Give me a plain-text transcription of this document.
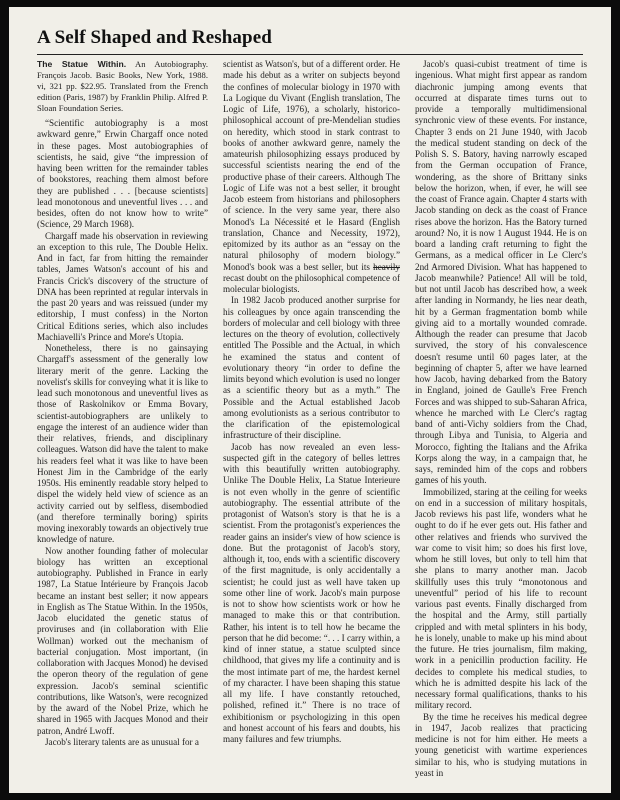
A Self Shaped and Reshaped

The Statue Within. An Autobiography. François Jacob. Basic Books, New York, 1988. vi, 321 pp. $22.95. Translated from the French edition (Paris, 1987) by Franklin Philip. Alfred P. Sloan Foundation Series.

“Scientific autobiography is a most awkward genre,” Erwin Chargaff once noted in these pages. Most autobiographies of scientists, he said, give “the impression of having been written for the remainder tables of bookstores, reaching them almost before they are published . . . [because scientists] lead monotonous and uneventful lives . . . and besides, often do not know how to write” (Science, 29 March 1968).

Chargaff made his observation in reviewing an exception to this rule, The Double Helix. And in fact, far from hitting the remainder tables, James Watson's account of his and Francis Crick's discovery of the structure of DNA has been reprinted at regular intervals in the past 20 years and was reissued (under my editorship, I must confess) in the Norton Critical Editions series, which also includes Machiavelli's Prince and More's Utopia.

Nonetheless, there is no gainsaying Chargaff's assessment of the generally low literary merit of the genre. Lacking the novelist's skills for conveying what it is like to lead such monotonous and uneventful lives as those of Raskolnikov or Emma Bovary, scientist-autobiographers are unlikely to engage the interest of an audience wider than their relatives, friends, and disciplinary colleagues. Watson did have the talent to make his readers feel what it was like to have been Honest Jim in the Cambridge of the early 1950s. His eminently readable story helped to dispel the widely held view of science as an activity carried out by selfless, disembodied (and therefore terminally boring) spirits moving inexorably towards an objectively true knowledge of nature.

Now another founding father of molecular biology has written an exceptional autobiography. Published in France in early 1987, La Statue Intérieure by François Jacob became an instant best seller; it now appears in English as The Statue Within. In the 1950s, Jacob elucidated the genetic status of proviruses and (in collaboration with Elie Wollman) worked out the mechanism of bacterial conjugation. Most important, (in collaboration with Jacques Monod) he devised the operon theory of the regulation of gene expression. Jacob's seminal scientific contributions, like Watson's, were recognized by the award of the Nobel Prize, which he shared in 1965 with Jacques Monod and their patron, André Lwoff.

Jacob's literary talents are as unusual for a

scientist as Watson's, but of a different order. He made his debut as a writer on subjects beyond the confines of molecular biology in 1970 with La Logique du Vivant (English translation, The Logic of Life, 1976), a scholarly, historico-philosophical account of pre-Mendelian studies on heredity, which stood in stark contrast to books of another awkward genre, namely the amateurish philosophizing essays produced by successful scientists nearing the end of the productive phase of their careers. Although The Logic of Life was not a best seller, it brought Jacob esteem from historians and philosophers of science. In the very same year, there also Monod's La Nécessité et le Hasard (English translation, Chance and Necessity, 1972), epitomized by its author as an “essay on the natural philosophy of modern biology.” Monod's book was a best seller, but its heavily recast doubt on the philosophical competence of molecular biologists.

In 1982 Jacob produced another surprise for his colleagues by once again transcending the borders of molecular and cell biology with three lectures on the theory of evolution, collectively entitled The Possible and the Actual, in which he examined the status and content of evolutionary theory “in order to define the limits beyond which evolution is used no longer as a scientific theory but as a myth.” The Possible and the Actual established Jacob among evolutionists as a serious contributor to the clarification of the epistemological infrastructure of their discipline.

Jacob has now revealed an even less-suspected gift in the category of belles lettres with this beautifully written autobiography. Unlike The Double Helix, La Statue Interieure is not even wholly in the genre of scientific autobiography. The essential attribute of the protagonist of Watson's story is that he is a scientist. From the protagonist's experiences the reader gains an insider's view of how science is done. But the protagonist of Jacob's story, although it, too, ends with a scientific discovery of the first magnitude, is only accidentally a scientist; he could just as well have taken up some other line of work. Jacob's main purpose is not to show how scientists work or how he managed to make this or that contribution. Rather, his intent is to tell how he became the person that he did become: “. . . I carry within, a kind of inner statue, a statue sculpted since childhood, that gives my life a continuity and is the most intimate part of me, the hardest kernel of my character. I have been shaping this statue all my life. I have constantly retouched, polished, refined it.” There is no trace of exhibitionism or psychologizing in this open and honest account of his fears and doubts, his many failures and few triumphs.

Jacob's quasi-cubist treatment of time is ingenious. What might first appear as random diachronic jumping among events that occurred at disparate times turns out to provide a temporally multidimensional synchronic view of these events. For instance, Chapter 3 ends on 21 June 1940, with Jacob the medical student standing on deck of the Polish S. S. Batory, having narrowly escaped from the German occupation of France, wondering, as the shore of Brittany sinks below the horizon, when, if ever, he will see the coast of France again. Chapter 4 starts with Jacob standing on deck as the coast of France rises above the horizon. Has the Batory turned around? No, it is now 1 August 1944. He is on board a landing craft returning to fight the Germans, as a medical officer in Le Clerc's 2nd Armored Division. What has happened to Jacob meanwhile? Patience! All will be told, but not until Jacob has described how, a week after landing in Normandy, he lies near death, hit by a German fragmentation bomb while giving aid to a mortally wounded comrade. Although the reader can presume that Jacob survived, the story of his convalescence doesn't resume until 60 pages later, at the beginning of chapter 5, after we have learned how Jacob, having debarked from the Batory in England, joined de Gaulle's Free French Forces and was shipped to sub-Saharan Africa, whence he marched with Le Clerc's ragtag band of anti-Vichy soldiers from the Chad, through Libya and Tunisia, to Algeria and Morocco, fighting the Italians and the Afrika Korps along the way, in a campaign that, he says, reminded him of the cops and robbers games of his youth.

Immobilized, staring at the ceiling for weeks on end in a succession of military hospitals, Jacob reviews his past life, wonders what he ought to do if he ever gets out. His father and other relatives and friends who survived the war come to visit him; so does his first love, whom he still loves, but only to tell him that she plans to marry another man. Jacob skillfully uses this truly “monotonous and uneventful” period of his life to recount various past events. Finally discharged from the hospital and the Army, still partially crippled and with metal splinters in his body, he is lonely, unable to make up his mind about the future. He tries journalism, film making, work in a penicillin production facility. He decides to complete his medical studies, to which he is admitted despite his lack of the necessary formal qualifications, thanks to his military record.

By the time he receives his medical degree in 1947, Jacob realizes that practicing medicine is not for him either. He meets a young geneticist with wartime experiences similar to his, who is studying mutations in yeast in
